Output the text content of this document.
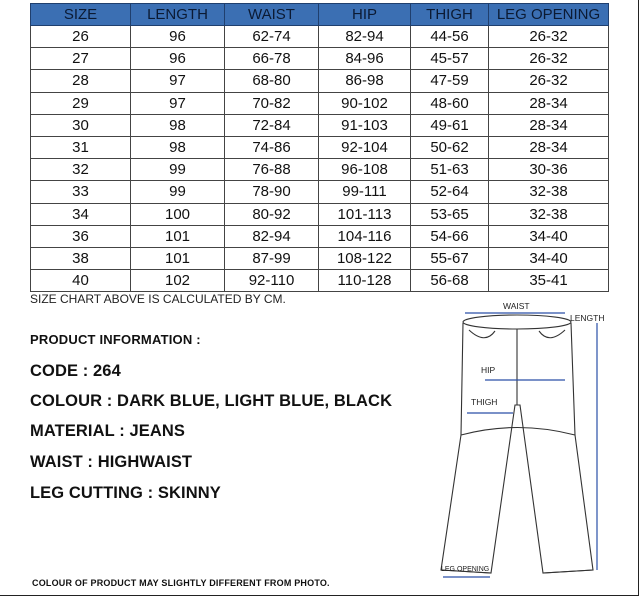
SIZE	LENGTH	WAIST	HIP	THIGH	LEG OPENING
26	96	62-74	82-94	44-56	26-32
27	96	66-78	84-96	45-57	26-32
28	97	68-80	86-98	47-59	26-32
29	97	70-82	90-102	48-60	28-34
30	98	72-84	91-103	49-61	28-34
31	98	74-86	92-104	50-62	28-34
32	99	76-88	96-108	51-63	30-36
33	99	78-90	99-111	52-64	32-38
34	100	80-92	101-113	53-65	32-38
36	101	82-94	104-116	54-66	34-40
38	101	87-99	108-122	55-67	34-40
40	102	92-110	110-128	56-68	35-41
SIZE CHART ABOVE IS CALCULATED BY CM.
PRODUCT INFORMATION :
CODE : 264
COLOUR : DARK BLUE, LIGHT BLUE, BLACK
MATERIAL : JEANS
WAIST : HIGHWAIST
LEG CUTTING : SKINNY
WAIST
HIP
THIGH
LENGTH
LEG OPENING
COLOUR OF PRODUCT MAY SLIGHTLY DIFFERENT FROM PHOTO.
